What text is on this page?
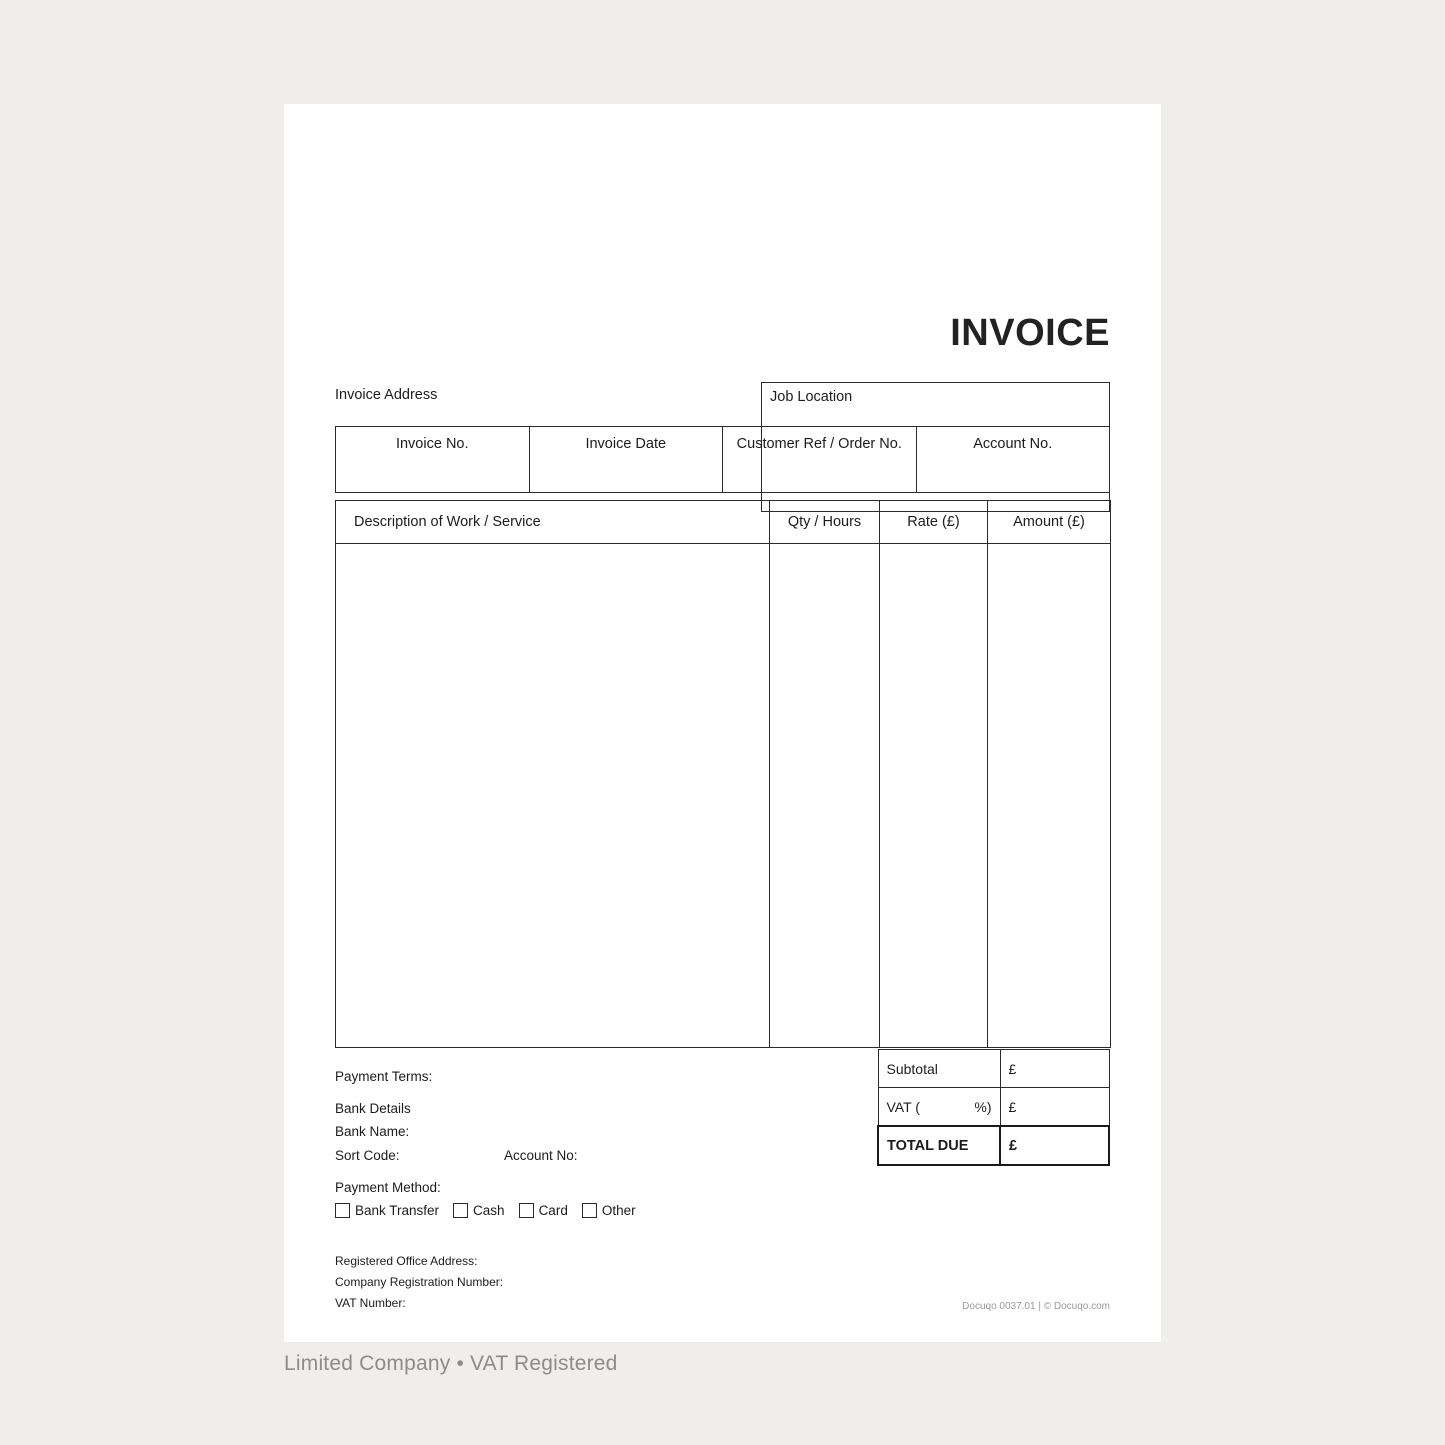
INVOICE
Invoice Address	Job Location
Invoice No.	Invoice Date	Customer Ref / Order No.	Account No.
Description of Work / Service	Qty / Hours	Rate (£)	Amount (£)

Payment Terms:
Bank Details
Bank Name:
Sort Code:	Account No:
Payment Method:
Bank Transfer	Cash	Card	Other
Registered Office Address:
Company Registration Number:
VAT Number:	Docuqo 0037.01 | © Docuqo.com
Subtotal	£

VAT ( %)	£
TOTAL DUE	£
Limited Company • VAT Registered
